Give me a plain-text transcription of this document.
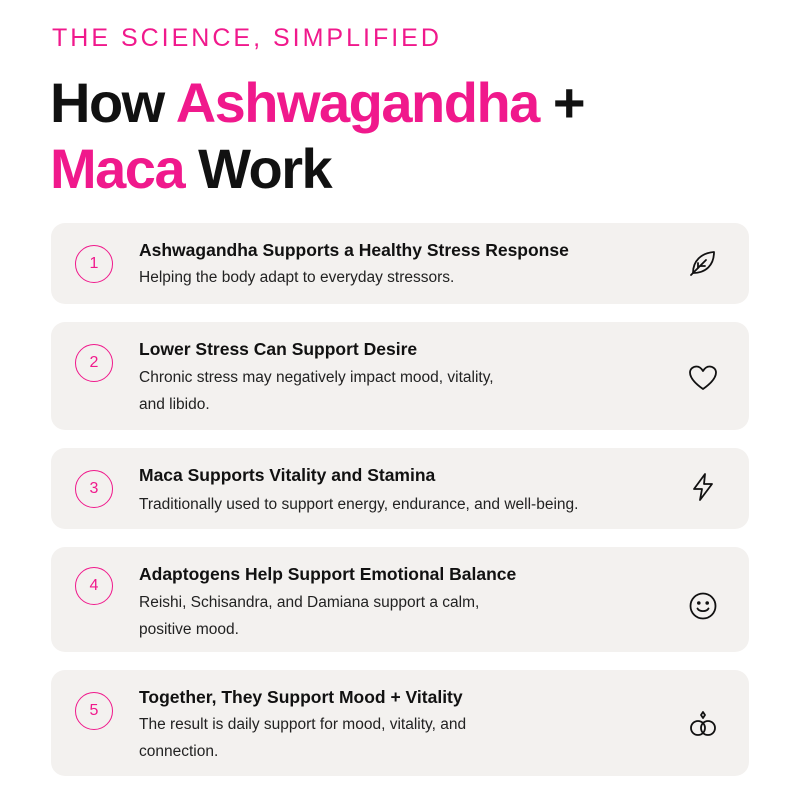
THE SCIENCE, SIMPLIFIED
How Ashwagandha +
Maca Work
1
Ashwagandha Supports a Healthy Stress Response
Helping the body adapt to everyday stressors.
2
Lower Stress Can Support Desire
Chronic stress may negatively impact mood, vitality,
and libido.
3
Maca Supports Vitality and Stamina
Traditionally used to support energy, endurance, and well-being.
4
Adaptogens Help Support Emotional Balance
Reishi, Schisandra, and Damiana support a calm,
positive mood.
5
Together, They Support Mood + Vitality
The result is daily support for mood, vitality, and
connection.
